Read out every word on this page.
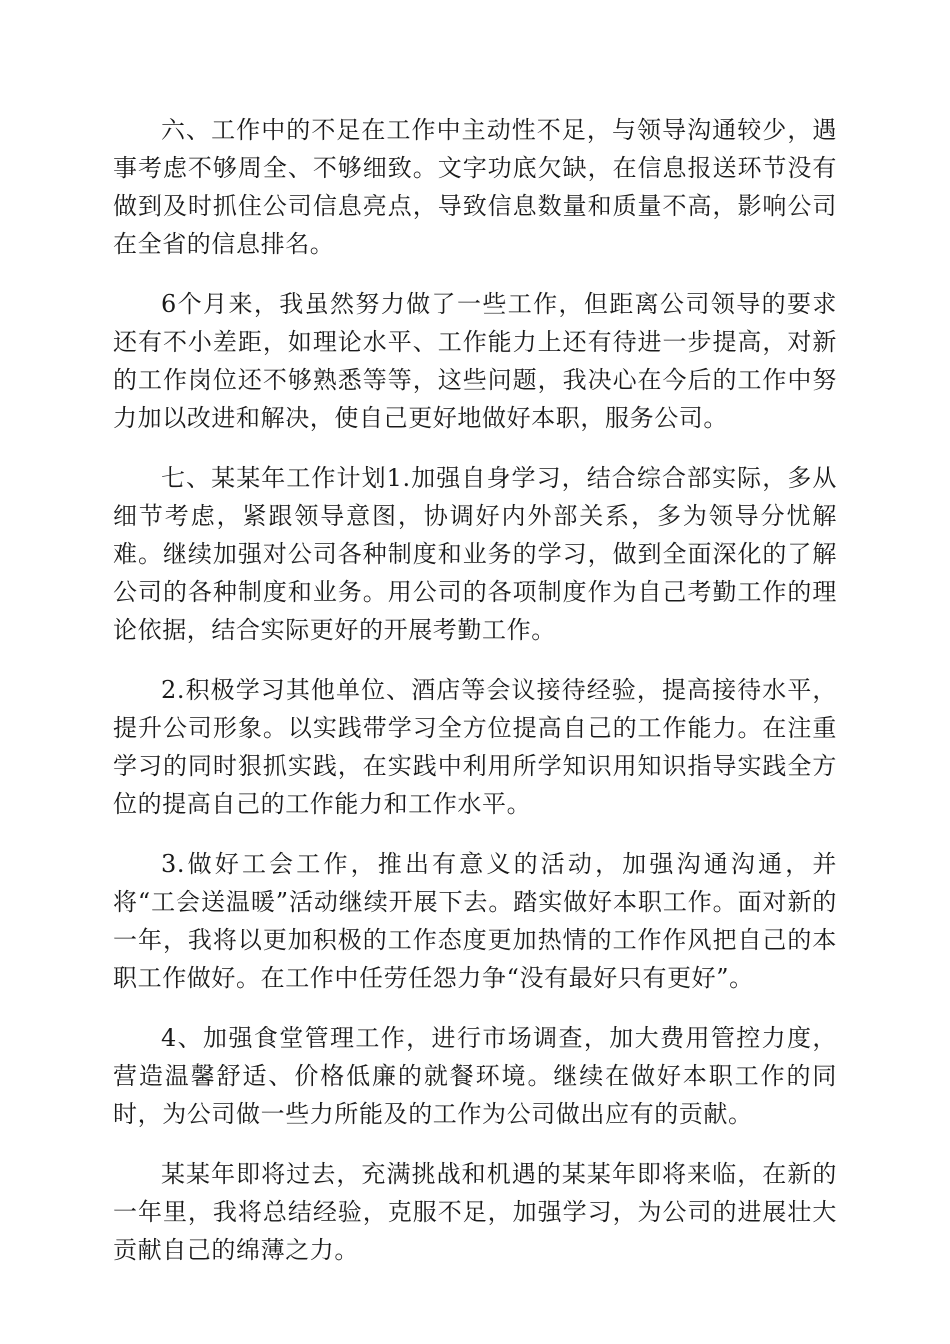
六、工作中的不足在工作中主动性不足，与领导沟通较少，遇事考虑不够周全、不够细致。文字功底欠缺，在信息报送环节没有做到及时抓住公司信息亮点，导致信息数量和质量不高，影响公司在全省的信息排名。

6个月来，我虽然努力做了一些工作，但距离公司领导的要求还有不小差距，如理论水平、工作能力上还有待进一步提高，对新的工作岗位还不够熟悉等等，这些问题，我决心在今后的工作中努力加以改进和解决，使自己更好地做好本职，服务公司。

七、某某年工作计划1.加强自身学习，结合综合部实际，多从细节考虑，紧跟领导意图，协调好内外部关系，多为领导分忧解难。继续加强对公司各种制度和业务的学习，做到全面深化的了解公司的各种制度和业务。用公司的各项制度作为自己考勤工作的理论依据，结合实际更好的开展考勤工作。

2.积极学习其他单位、酒店等会议接待经验，提高接待水平，提升公司形象。以实践带学习全方位提高自己的工作能力。在注重学习的同时狠抓实践，在实践中利用所学知识用知识指导实践全方位的提高自己的工作能力和工作水平。

3.做好工会工作，推出有意义的活动，加强沟通沟通，并将“工会送温暖”活动继续开展下去。踏实做好本职工作。面对新的一年，我将以更加积极的工作态度更加热情的工作作风把自己的本职工作做好。在工作中任劳任怨力争“没有最好只有更好”。

4、加强食堂管理工作，进行市场调查，加大费用管控力度，营造温馨舒适、价格低廉的就餐环境。继续在做好本职工作的同时，为公司做一些力所能及的工作为公司做出应有的贡献。

某某年即将过去，充满挑战和机遇的某某年即将来临，在新的一年里，我将总结经验，克服不足，加强学习，为公司的进展壮大贡献自己的绵薄之力。
